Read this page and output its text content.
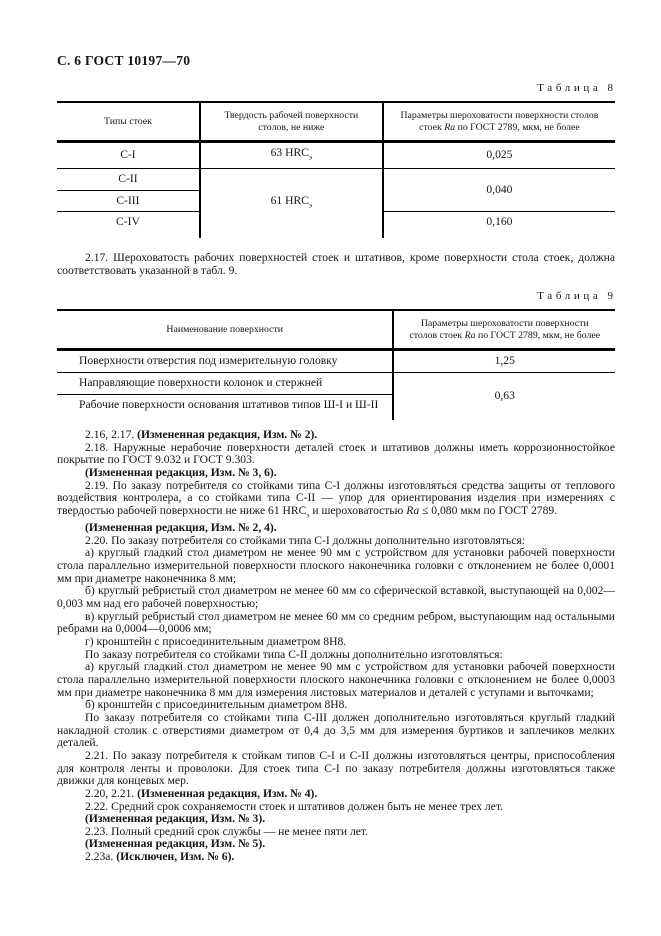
С. 6 ГОСТ 10197—70
Таблица 8
Типы стоек	Твердость рабочей поверхности столов, не ниже	Параметры шероховатости поверхности столов стоек Ra по ГОСТ 2789, мкм, не более
С-I	63 $HRC_э$	0,025
С-II	61 $HRC_э$	0,040
С-III		
С-IV		0,160

2.17. Шероховатость рабочих поверхностей стоек и штативов, кроме поверхности стола стоек, должна соответствовать указанной в табл. 9.

Таблица 9
Наименование поверхности	Параметры шероховатости поверхности столов стоек Ra по ГОСТ 2789, мкм, не более
Поверхности отверстия под измерительную головку	1,25
Направляющие поверхности колонок и стержней	0,63
Рабочие поверхности основания штативов типов Ш-I и Ш-II	

2.16, 2.17. (Измененная редакция, Изм. № 2).

2.18. Наружные нерабочие поверхности деталей стоек и штативов должны иметь коррозионностойкое покрытие по ГОСТ 9.032 и ГОСТ 9.303.

(Измененная редакция, Изм. № 3, 6).

2.19. По заказу потребителя со стойками типа С-I должны изготовляться средства защиты от теплового воздействия контролера, а со стойками типа С-II — упор для ориентирования изделия при измерениях с твердостью рабочей поверхности не ниже 61 $HRC_э$ и шероховатостью Ra ≤ 0,080 мкм по ГОСТ 2789.

(Измененная редакция, Изм. № 2, 4).

2.20. По заказу потребителя со стойками типа С-I должны дополнительно изготовляться:

а) круглый гладкий стол диаметром не менее 90 мм с устройством для установки рабочей поверхности стола параллельно измерительной поверхности плоского наконечника головки с отклонением не более 0,0001 мм при диаметре наконечника 8 мм;

б) круглый ребристый стол диаметром не менее 60 мм со сферической вставкой, выступающей на 0,002—0,003 мм над его рабочей поверхностью;

в) круглый ребристый стол диаметром не менее 60 мм со средним ребром, выступающим над остальными ребрами на 0,0004—0,0006 мм;

г) кронштейн с присоединительным диаметром 8Н8.

По заказу потребителя со стойками типа С-II должны дополнительно изготовляться:

а) круглый гладкий стол диаметром не менее 90 мм с устройством для установки рабочей поверхности стола параллельно измерительной поверхности плоского наконечника головки с отклонением не более 0,0003 мм при диаметре наконечника 8 мм для измерения листовых материалов и деталей с уступами и выточками;

б) кронштейн с присоединительным диаметром 8Н8.

По заказу потребителя со стойками типа С-III должен дополнительно изготовляться круглый гладкий накладной столик с отверстиями диаметром от 0,4 до 3,5 мм для измерения буртиков и заплечиков мелких деталей.

2.21. По заказу потребителя к стойкам типов С-I и С-II должны изготовляться центры, приспособления для контроля ленты и проволоки. Для стоек типа С-I по заказу потребителя должны изготовляться также движки для концевых мер.

2.20, 2.21. (Измененная редакция, Изм. № 4).

2.22. Средний срок сохраняемости стоек и штативов должен быть не менее трех лет.

(Измененная редакция, Изм. № 3).

2.23. Полный средний срок службы — не менее пяти лет.

(Измененная редакция, Изм. № 5).

2.23а. (Исключен, Изм. № 6).
